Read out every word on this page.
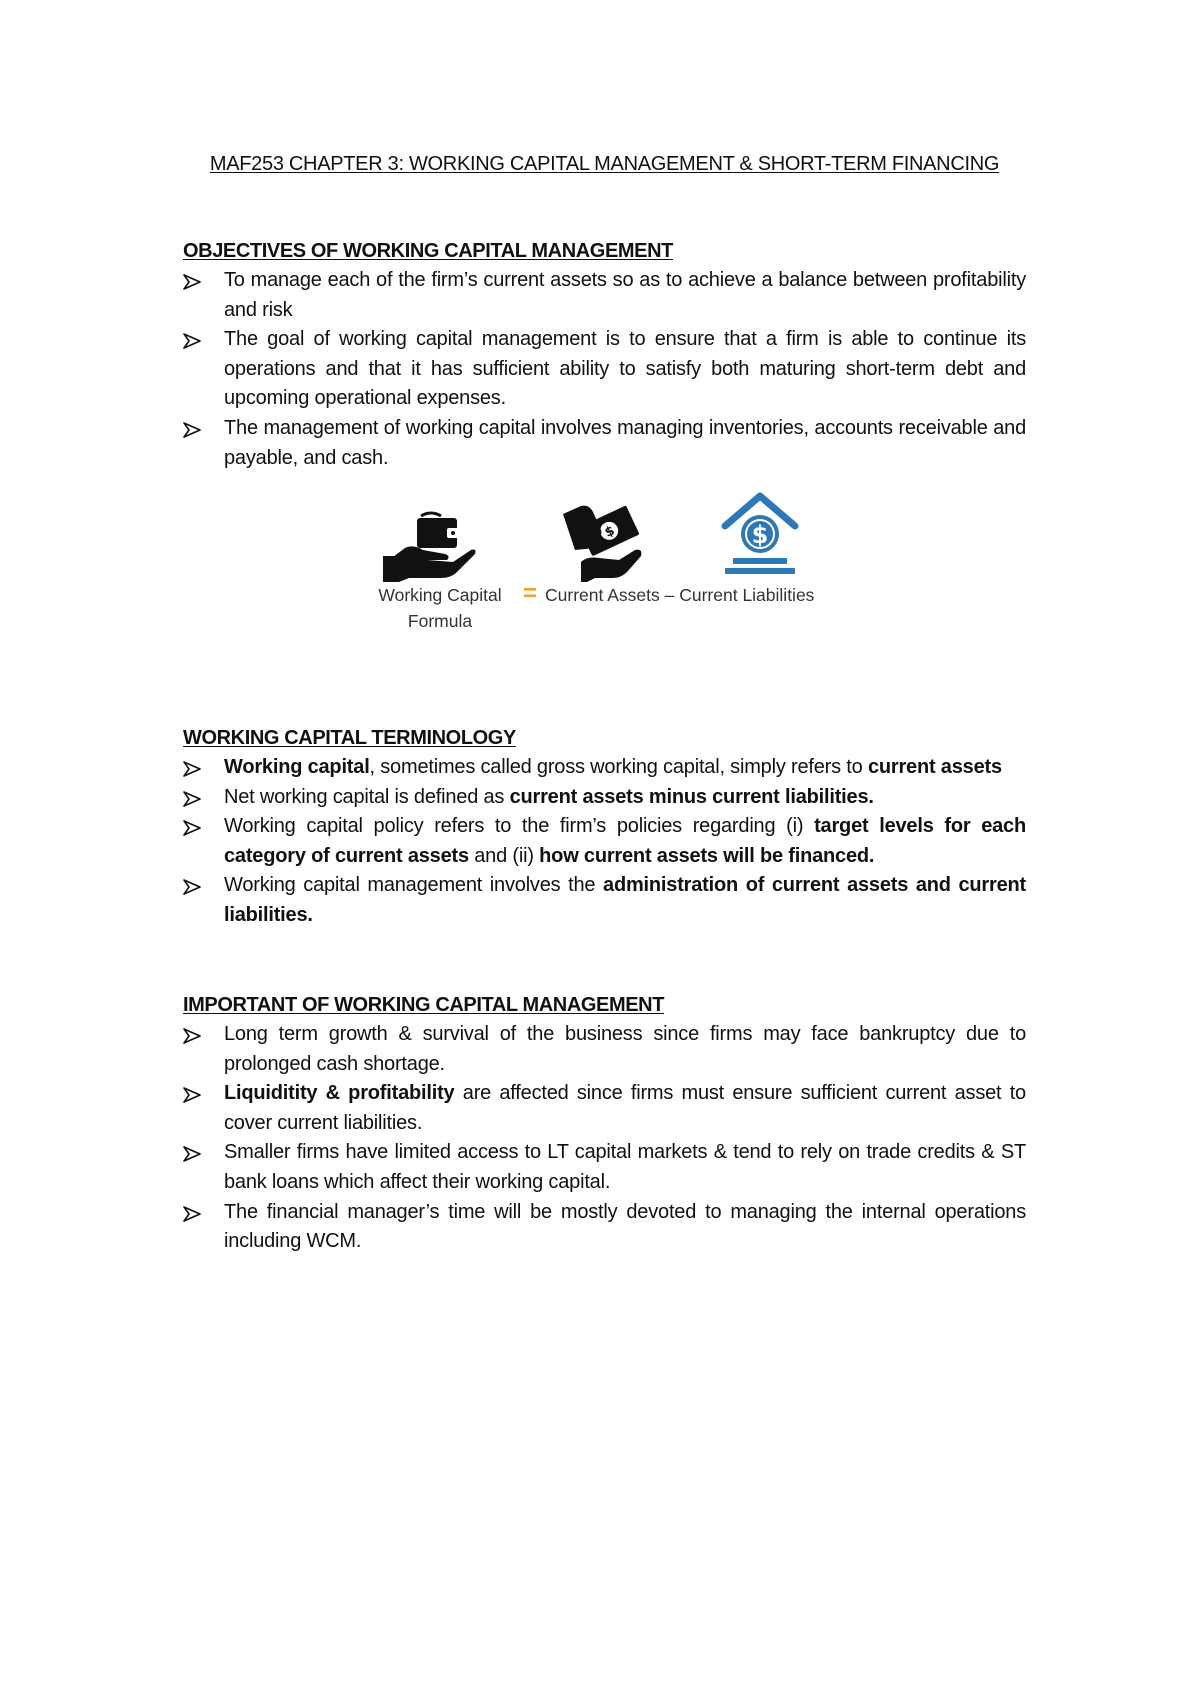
MAF253 CHAPTER 3: WORKING CAPITAL MANAGEMENT & SHORT-TERM FINANCING
OBJECTIVES OF WORKING CAPITAL MANAGEMENT
To manage each of the firm’s current assets so as to achieve a balance between profitability and risk
The goal of working capital management is to ensure that a firm is able to continue its operations and that it has sufficient ability to satisfy both maturing short-term debt and upcoming operational expenses.
The management of working capital involves managing inventories, accounts receivable and payable, and cash.
$	$
Working Capital Formula
= Current Assets – Current Liabilities
WORKING CAPITAL TERMINOLOGY
Working capital, sometimes called gross working capital, simply refers to current assets
Net working capital is defined as current assets minus current liabilities.
Working capital policy refers to the firm’s policies regarding (i) target levels for each category of current assets and (ii) how current assets will be financed.
Working capital management involves the administration of current assets and current liabilities.
IMPORTANT OF WORKING CAPITAL MANAGEMENT
Long term growth & survival of the business since firms may face bankruptcy due to prolonged cash shortage.
Liquiditity & profitability are affected since firms must ensure sufficient current asset to cover current liabilities.
Smaller firms have limited access to LT capital markets & tend to rely on trade credits & ST bank loans which affect their working capital.
The financial manager’s time will be mostly devoted to managing the internal operations including WCM.
